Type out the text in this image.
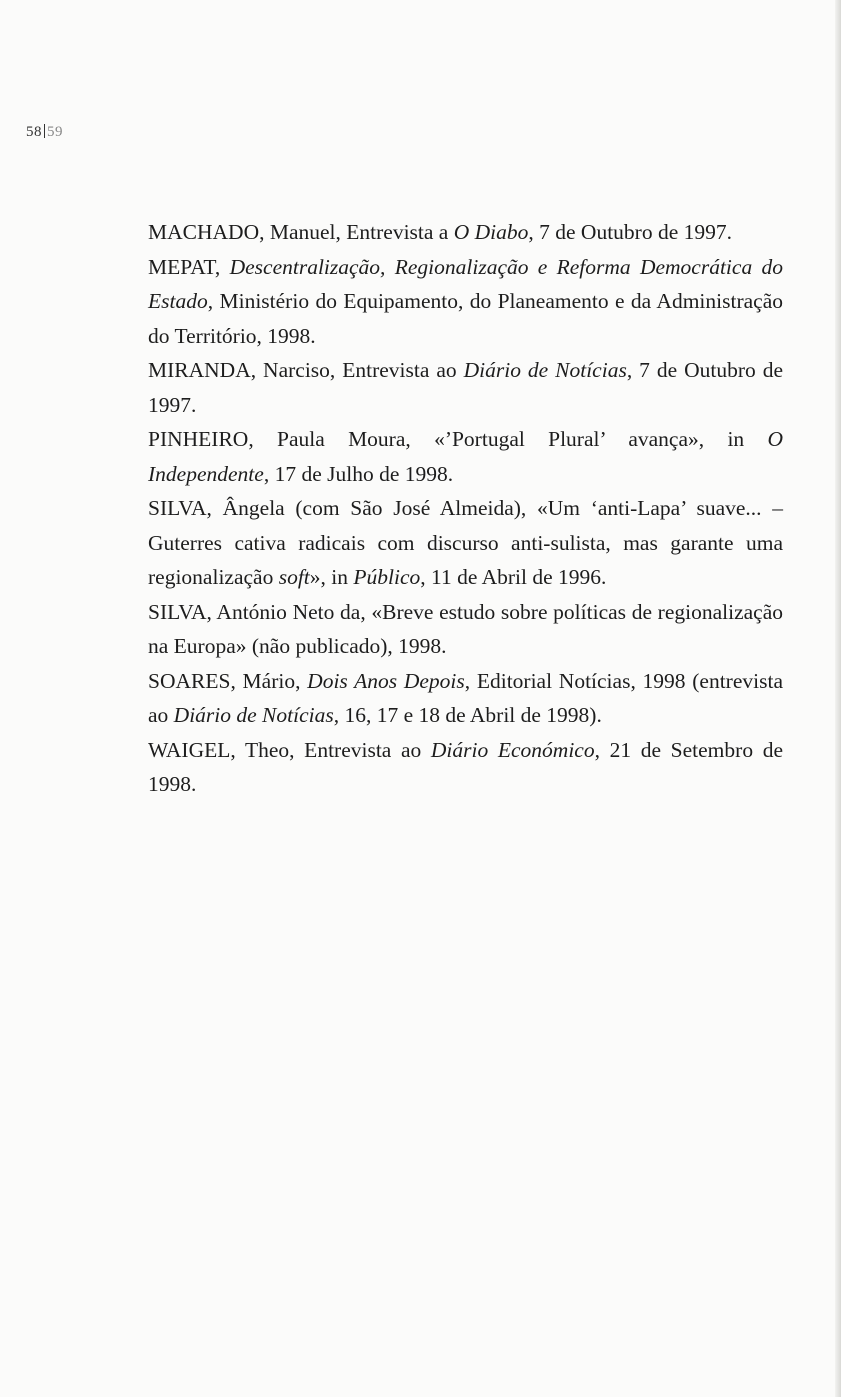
58 59

MACHADO, Manuel, Entrevista a O Diabo, 7 de Outubro de 1997.

MEPAT, Descentralização, Regionalização e Reforma Democrática do Estado, Ministério do Equipamento, do Planeamento e da Administração do Território, 1998.

MIRANDA, Narciso, Entrevista ao Diário de Notícias, 7 de Outubro de 1997.

PINHEIRO, Paula Moura, «’Portugal Plural’ avança», in O Independente, 17 de Julho de 1998.

SILVA, Ângela (com São José Almeida), «Um ‘anti-Lapa’ suave... – Guterres cativa radicais com discurso anti-sulista, mas garante uma regionalização soft», in Público, 11 de Abril de 1996.

SILVA, António Neto da, «Breve estudo sobre políticas de regionalização na Europa» (não publicado), 1998.

SOARES, Mário, Dois Anos Depois, Editorial Notícias, 1998 (entrevista ao Diário de Notícias, 16, 17 e 18 de Abril de 1998).

WAIGEL, Theo, Entrevista ao Diário Económico, 21 de Setembro de 1998.
